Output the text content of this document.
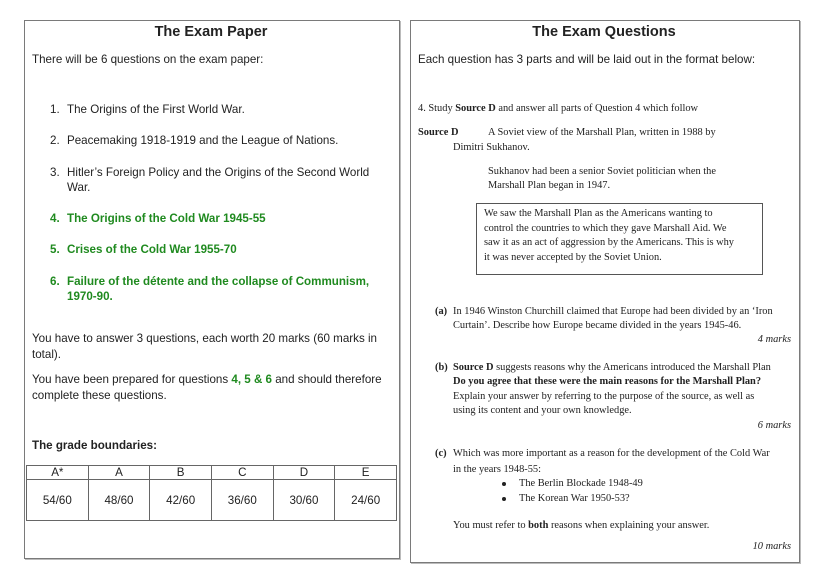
The Exam Paper
There will be 6 questions on the exam paper:
1. The Origins of the First World War.
2. Peacemaking 1918-1919 and the League of Nations.
3. Hitler’s Foreign Policy and the Origins of the Second World
War.
4. The Origins of the Cold War 1945-55
5. Crises of the Cold War 1955-70
6. Failure of the détente and the collapse of Communism,
1970-90.
You have to answer 3 questions, each worth 20 marks (60 marks in
total).
You have been prepared for questions 4, 5 & 6 and should therefore
complete these questions.
The grade boundaries:
A*	A	B	C	D	E
54/60	48/60	42/60	36/60	30/60	24/60
The Exam Questions
Each question has 3 parts and will be laid out in the format below:
4. Study Source D and answer all parts of Question 4 which follow
Source D	A Soviet view of the Marshall Plan, written in 1988 by
Dimitri Sukhanov.
Sukhanov had been a senior Soviet politician when the
Marshall Plan began in 1947.
We saw the Marshall Plan as the Americans wanting to
control the countries to which they gave Marshall Aid. We
saw it as an act of aggression by the Americans. This is why
it was never accepted by the Soviet Union.
(a) In 1946 Winston Churchill claimed that Europe had been divided by an ‘Iron
Curtain’. Describe how Europe became divided in the years 1945-46.
4 marks
(b) Source D suggests reasons why the Americans introduced the Marshall Plan
Do you agree that these were the main reasons for the Marshall Plan?
Explain your answer by referring to the purpose of the source, as well as
using its content and your own knowledge.
6 marks
(c) Which was more important as a reason for the development of the Cold War
in the years 1948-55:
The Berlin Blockade 1948-49
The Korean War 1950-53?
You must refer to both reasons when explaining your answer.
10 marks
